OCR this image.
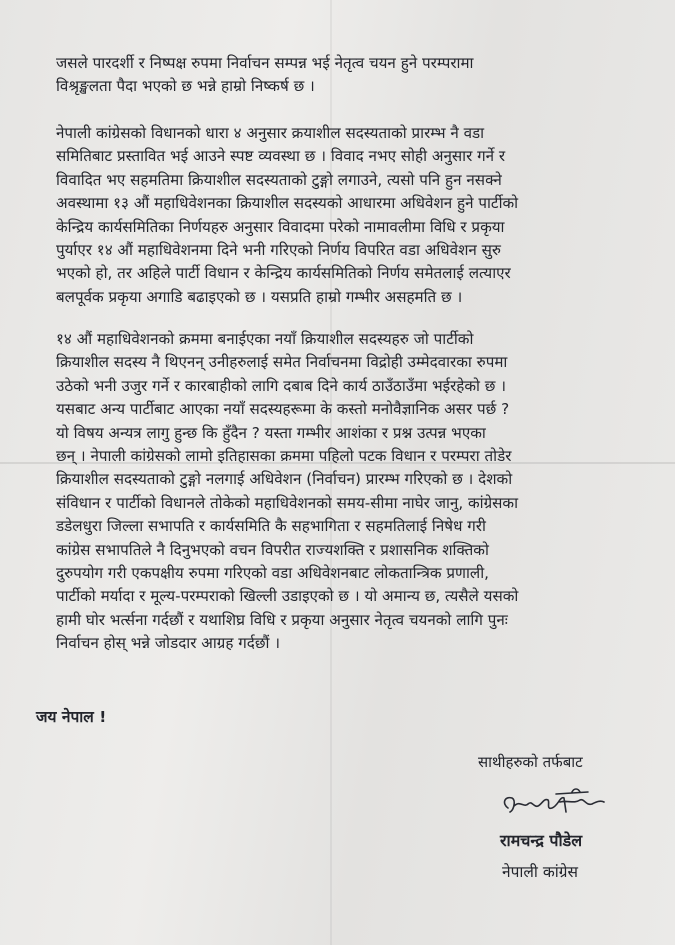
जसले पारदर्शी र निष्पक्ष रुपमा निर्वाचन सम्पन्न भई नेतृत्व चयन हुने परम्परामा
विश्रृङ्खलता पैदा भएको छ भन्ने हाम्रो निष्कर्ष छ ।
नेपाली कांग्रेसको विधानको धारा ४ अनुसार क्रयाशील सदस्यताको प्रारम्भ नै वडा
समितिबाट प्रस्तावित भई आउने स्पष्ट व्यवस्था छ । विवाद नभए सोही अनुसार गर्ने र
विवादित भए सहमतिमा क्रियाशील सदस्यताको टुङ्गो लगाउने, त्यसो पनि हुन नसक्ने
अवस्थामा १३ औं महाधिवेशनका क्रियाशील सदस्यको आधारमा अधिवेशन हुने पार्टीको
केन्द्रिय कार्यसमितिका निर्णयहरु अनुसार विवादमा परेको नामावलीमा विधि र प्रकृया
पुर्याएर १४ औं महाधिवेशनमा दिने भनी गरिएको निर्णय विपरित वडा अधिवेशन सुरु
भएको हो, तर अहिले पार्टी विधान र केन्द्रिय कार्यसमितिको निर्णय समेतलाई लत्याएर
बलपूर्वक प्रकृया अगाडि बढाइएको छ । यसप्रति हाम्रो गम्भीर असहमति छ ।
१४ औं महाधिवेशनको क्रममा बनाईएका नयाँ क्रियाशील सदस्यहरु जो पार्टीको
क्रियाशील सदस्य नै थिएनन् उनीहरुलाई समेत निर्वाचनमा विद्रोही उम्मेदवारका रुपमा
उठेको भनी उजुर गर्ने र कारबाहीको लागि दबाब दिने कार्य ठाउँठाउँमा भईरहेको छ ।
यसबाट अन्य पार्टीबाट आएका नयाँ सदस्यहरूमा के कस्तो मनोवैज्ञानिक असर पर्छ ?
यो विषय अन्यत्र लागु हुन्छ कि हुँदैन ? यस्ता गम्भीर आशंका र प्रश्न उत्पन्न भएका
छन् । नेपाली कांग्रेसको लामो इतिहासका क्रममा पहिलो पटक विधान र परम्परा तोडेर
क्रियाशील सदस्यताको टुङ्गो नलगाई अधिवेशन (निर्वाचन) प्रारम्भ गरिएको छ । देशको
संविधान र पार्टीको विधानले तोकेको महाधिवेशनको समय-सीमा नाघेर जानु, कांग्रेसका
डडेलधुरा जिल्ला सभापति र कार्यसमिति कै सहभागिता र सहमतिलाई निषेध गरी
कांग्रेस सभापतिले नै दिनुभएको वचन विपरीत राज्यशक्ति र प्रशासनिक शक्तिको
दुरुपयोग गरी एकपक्षीय रुपमा गरिएको वडा अधिवेशनबाट लोकतान्त्रिक प्रणाली,
पार्टीको मर्यादा र मूल्य-परम्पराको खिल्ली उडाइएको छ । यो अमान्य छ, त्यसैले यसको
हामी घोर भर्त्सना गर्दछौं र यथाशिघ्र विधि र प्रकृया अनुसार नेतृत्व चयनको लागि पुनः
निर्वाचन होस् भन्ने जोडदार आग्रह गर्दछौं ।
जय नेपाल !
साथीहरुको तर्फबाट
रामचन्द्र पौडेल
नेपाली कांग्रेस
